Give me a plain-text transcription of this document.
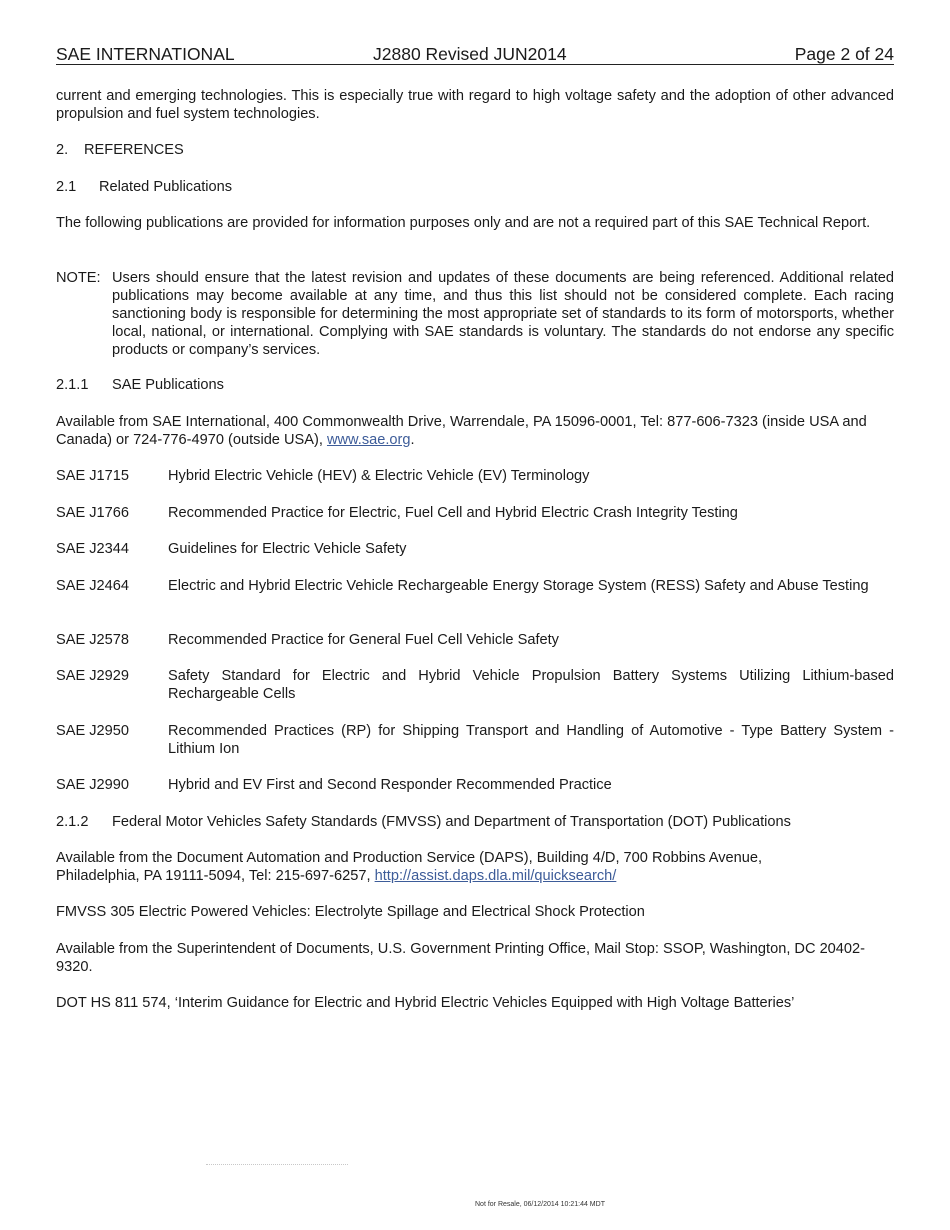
SAE INTERNATIONAL	J2880 Revised JUN2014	Page 2 of 24

current and emerging technologies. This is especially true with regard to high voltage safety and the adoption of other advanced propulsion and fuel system technologies.

2. REFERENCES
2.1 Related Publications

The following publications are provided for information purposes only and are not a required part of this SAE Technical Report.

NOTE: Users should ensure that the latest revision and updates of these documents are being referenced. Additional related publications may become available at any time, and thus this list should not be considered complete. Each racing sanctioning body is responsible for determining the most appropriate set of standards to its form of motorsports, whether local, national, or international. Complying with SAE standards is voluntary. The standards do not endorse any specific products or company’s services.

2.1.1 SAE Publications

Available from SAE International, 400 Commonwealth Drive, Warrendale, PA 15096-0001, Tel: 877-606-7323 (inside USA and Canada) or 724-776-4970 (outside USA), www.sae.org.

SAE J1715	Hybrid Electric Vehicle (HEV) & Electric Vehicle (EV) Terminology
SAE J1766	Recommended Practice for Electric, Fuel Cell and Hybrid Electric Crash Integrity Testing
SAE J2344	Guidelines for Electric Vehicle Safety
SAE J2464	Electric and Hybrid Electric Vehicle Rechargeable Energy Storage System (RESS) Safety and Abuse Testing
SAE J2578	Recommended Practice for General Fuel Cell Vehicle Safety
SAE J2929	Safety Standard for Electric and Hybrid Vehicle Propulsion Battery Systems Utilizing Lithium-based Rechargeable Cells
SAE J2950	Recommended Practices (RP) for Shipping Transport and Handling of Automotive - Type Battery System - Lithium Ion
SAE J2990	Hybrid and EV First and Second Responder Recommended Practice
2.1.2 Federal Motor Vehicles Safety Standards (FMVSS) and Department of Transportation (DOT) Publications
Available from the Document Automation and Production Service (DAPS), Building 4/D, 700 Robbins Avenue,
Philadelphia, PA 19111-5094, Tel: 215-697-6257, http://assist.daps.dla.mil/quicksearch/

FMVSS 305 Electric Powered Vehicles: Electrolyte Spillage and Electrical Shock Protection

Available from the Superintendent of Documents, U.S. Government Printing Office, Mail Stop: SSOP, Washington, DC 20402-9320.

DOT HS 811 574, ‘Interim Guidance for Electric and Hybrid Electric Vehicles Equipped with High Voltage Batteries’

Not for Resale, 06/12/2014 10:21:44 MDT
